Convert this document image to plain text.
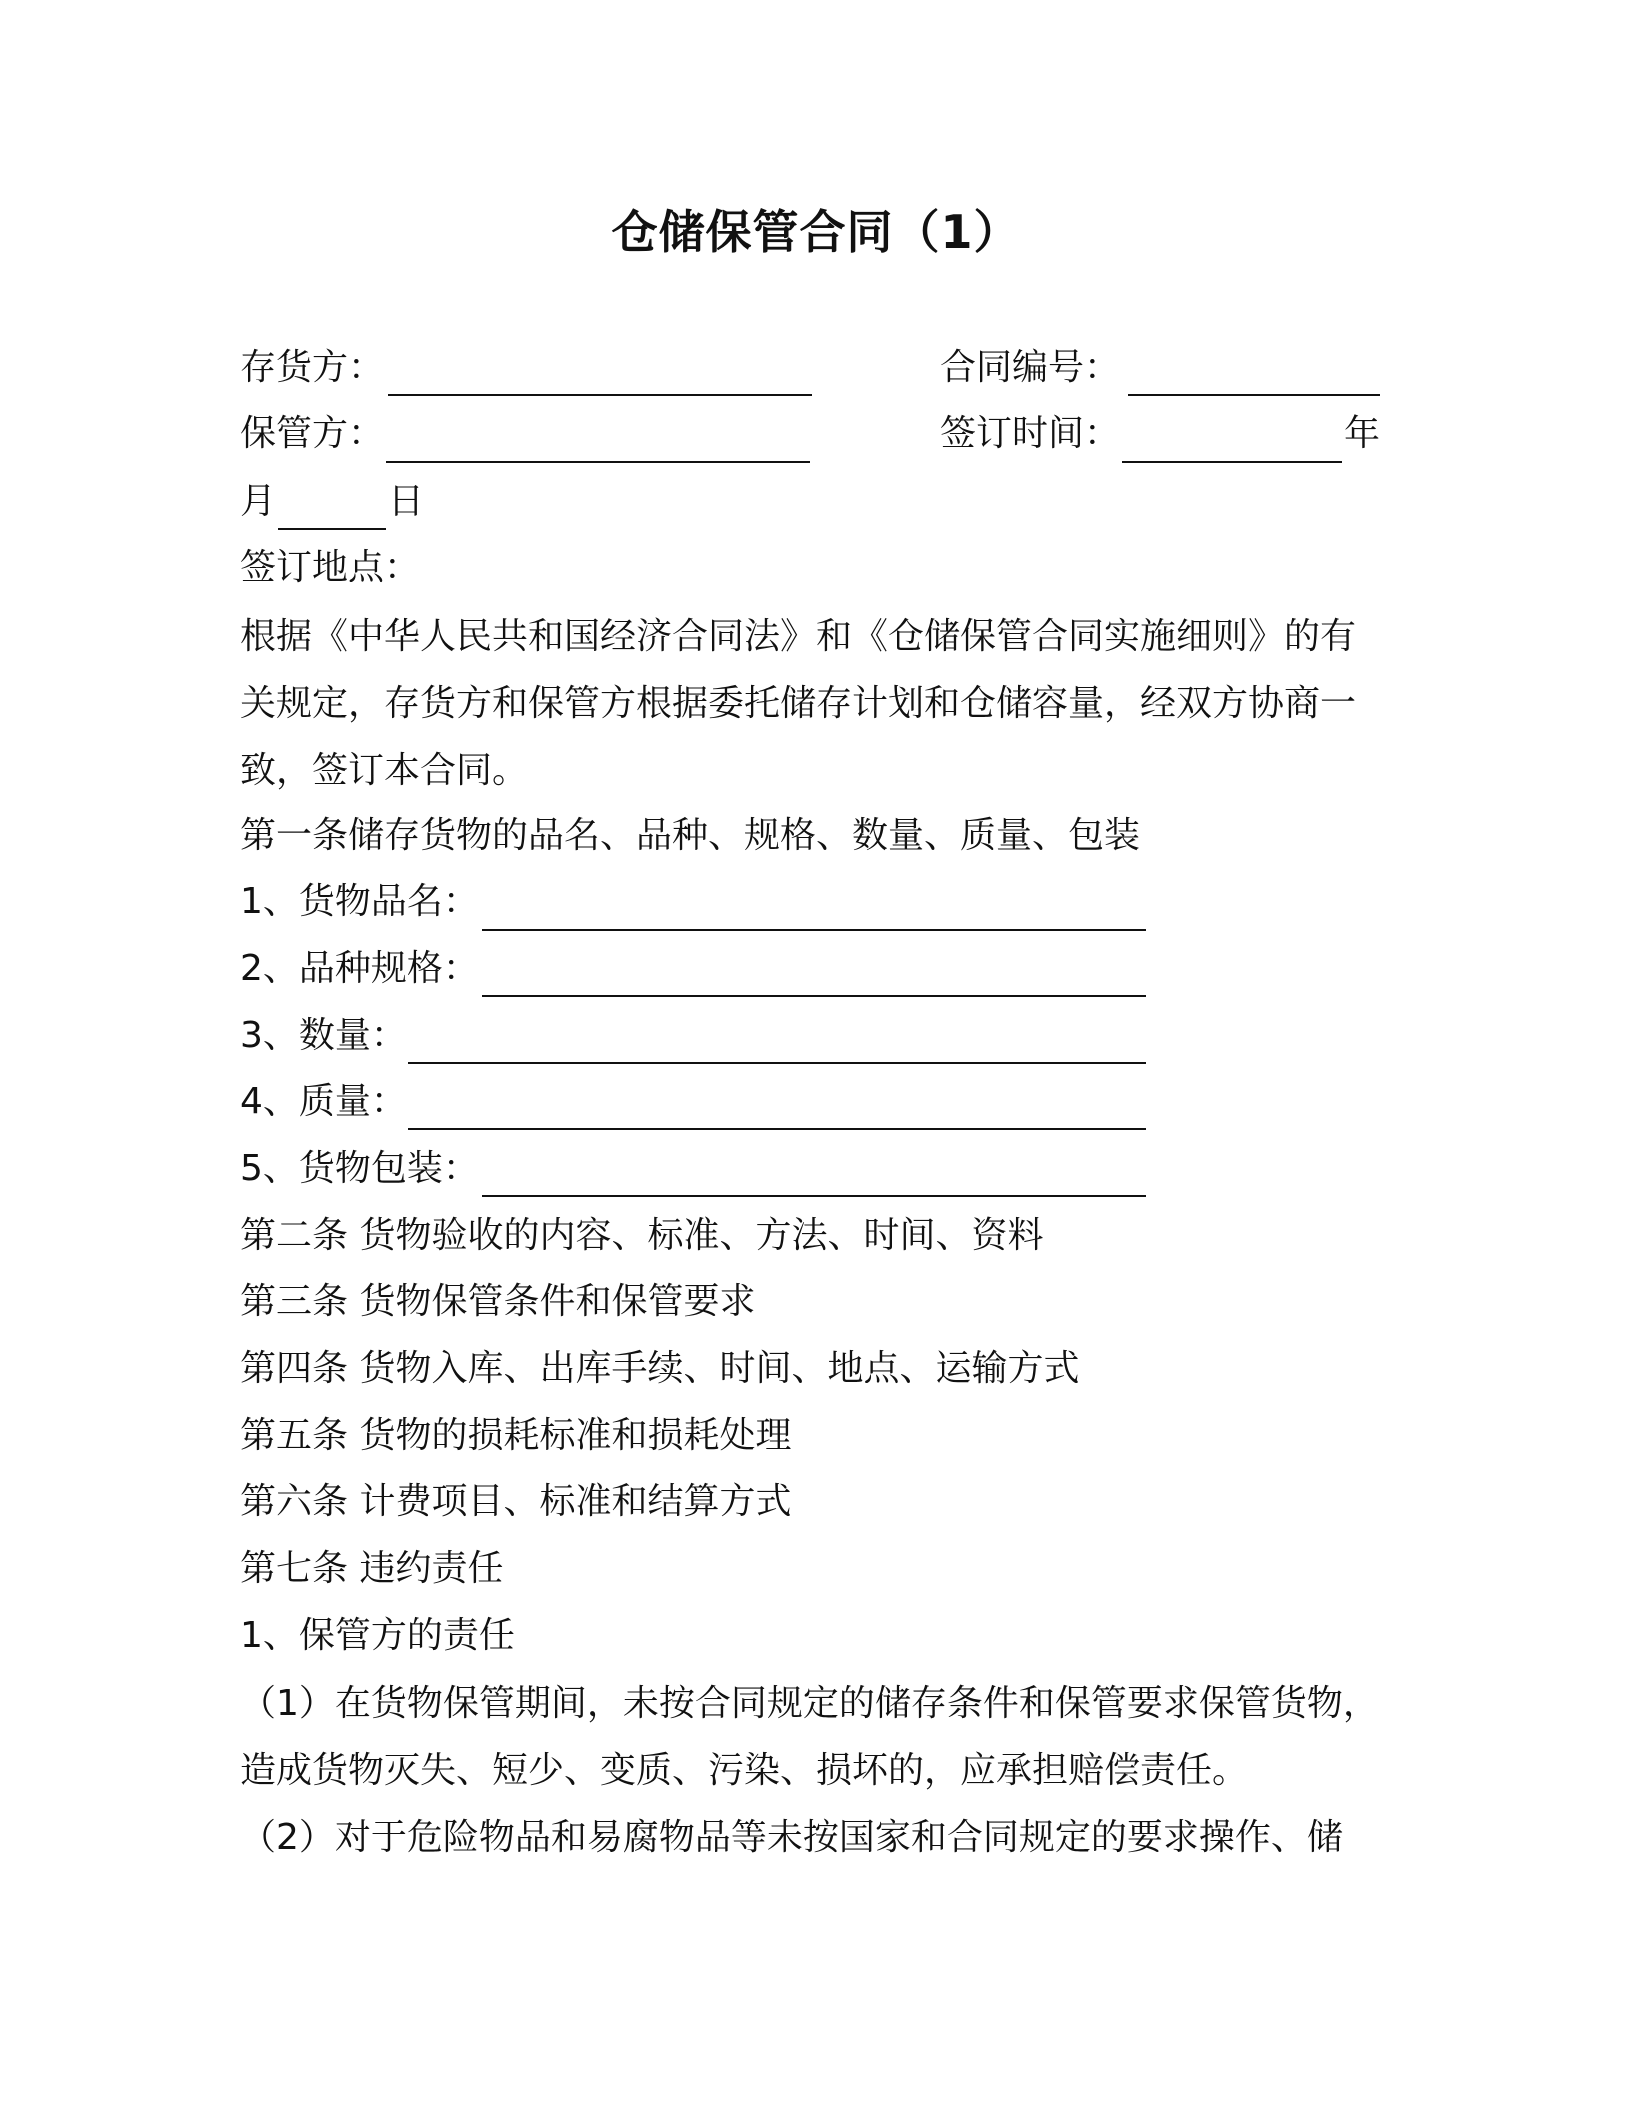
仓储保管合同（1）
存货方：	合同编号：
保管方：	签订时间：	年
月	日
签订地点：
根据《中华人民共和国经济合同法》和《仓储保管合同实施细则》的有关规定，存货方和保管方根据委托储存计划和仓储容量，经双方协商一致，签订本合同。
第一条储存货物的品名、品种、规格、数量、质量、包装
1、货物品名：
2、品种规格：
3、数量：
4、质量：
5、货物包装：
第二条 货物验收的内容、标准、方法、时间、资料
第三条 货物保管条件和保管要求
第四条 货物入库、出库手续、时间、地点、运输方式
第五条 货物的损耗标准和损耗处理
第六条 计费项目、标准和结算方式
第七条 违约责任
1、保管方的责任
（1）在货物保管期间，未按合同规定的储存条件和保管要求保管货物，造成货物灭失、短少、变质、污染、损坏的，应承担赔偿责任。
（2）对于危险物品和易腐物品等未按国家和合同规定的要求操作、储
